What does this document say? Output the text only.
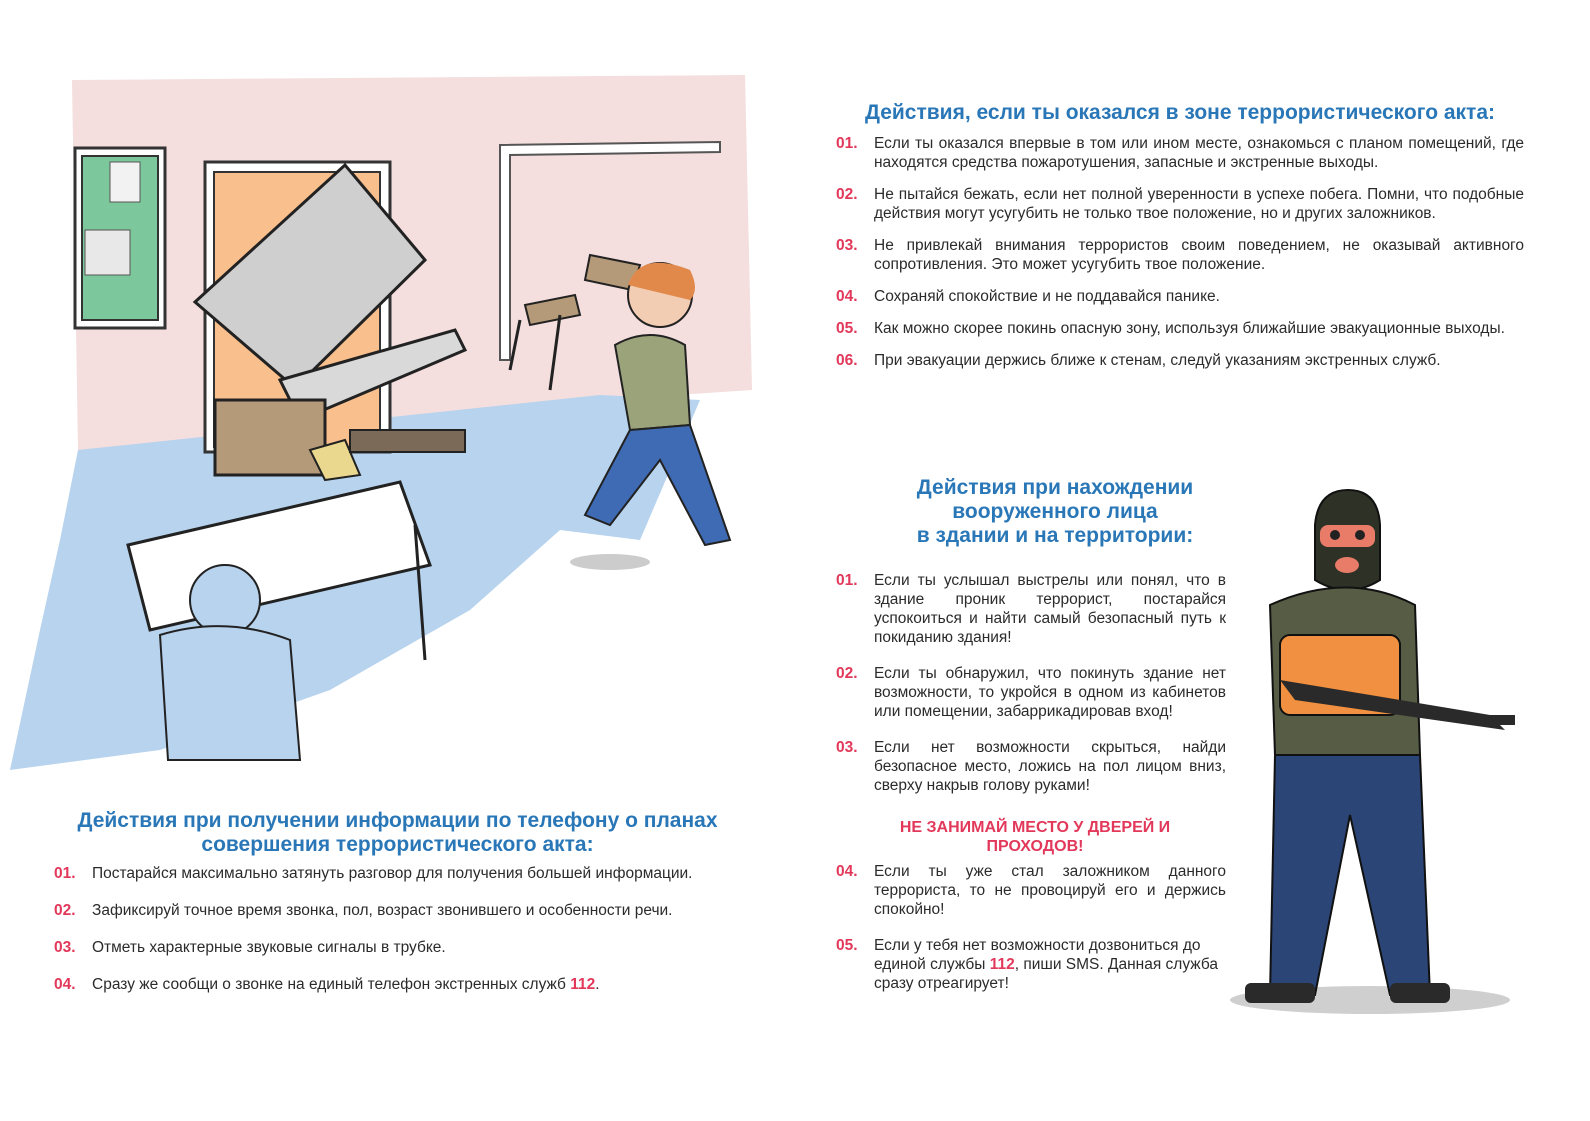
Действия, если ты оказался в зоне террористического акта:
01.	Если ты оказался впервые в том или ином месте, ознакомься с планом помещений, где находятся средства пожаротушения, запасные и экстренные выходы.
02.	Не пытайся бежать, если нет полной уверенности в успехе побега. Помни, что подобные действия могут усугубить не только твое положение, но и других заложников.
03.	Не привлекай внимания террористов своим поведением, не оказывай активного сопротивления. Это может усугубить твое положение.
04.	Сохраняй спокойствие и не поддавайся панике.
05.	Как можно скорее покинь опасную зону, используя ближайшие эвакуационные выходы.
06.	При эвакуации держись ближе к стенам, следуй указаниям экстренных служб.
Действия при нахождении
вооруженного лица
в здании и на территории:
01.	Если ты услышал выстрелы или понял, что в здание проник террорист, постарайся успокоиться и найти самый безопасный путь к покиданию здания!
02.	Если ты обнаружил, что покинуть здание нет возможности, то укройся в одном из кабинетов или помещении, забаррикадировав вход!
03.	Если нет возможности скрыться, найди безопасное место, ложись на пол лицом вниз, сверху накрыв голову руками!
НЕ ЗАНИМАЙ МЕСТО У ДВЕРЕЙ И
ПРОХОДОВ!
04.	Если ты уже стал заложником данного террориста, то не провоцируй его и держись спокойно!
05.	Если у тебя нет возможности дозвониться до единой службы 112, пиши SMS. Данная служба сразу отреагирует!
Действия при получении информации по телефону о планах
совершения террористического акта:
01.	Постарайся максимально затянуть разговор для получения большей информации.
02.	Зафиксируй точное время звонка, пол, возраст звонившего и особенности речи.
03.	Отметь характерные звуковые сигналы в трубке.
04.	Сразу же сообщи о звонке на единый телефон экстренных служб 112.
